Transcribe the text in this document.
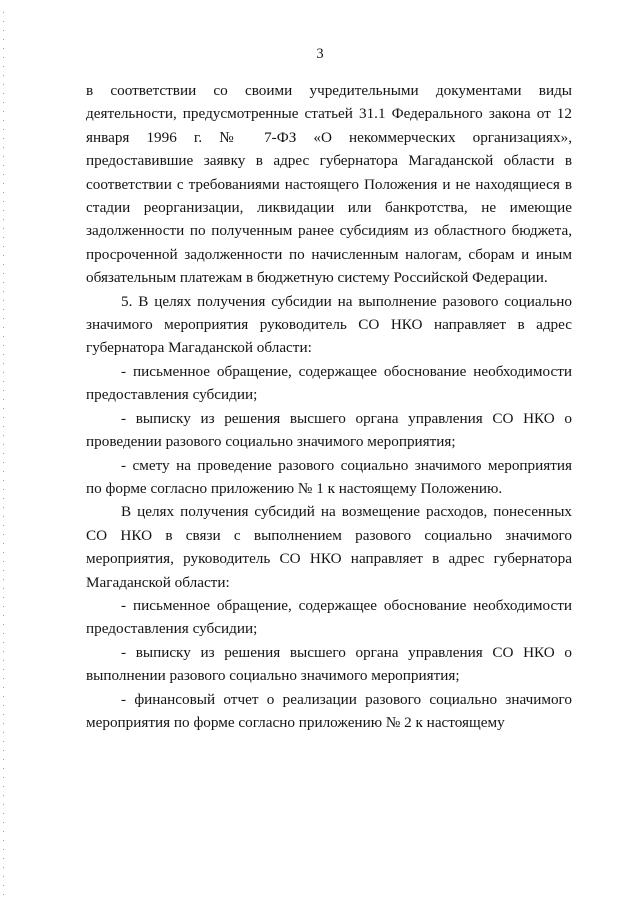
3

в соответствии со своими учредительными документами виды деятельности, предусмотренные статьей 31.1 Федерального закона от 12 января 1996 г. № 7-ФЗ «О некоммерческих организациях», предоставившие заявку в адрес губернатора Магаданской области в соответствии с требованиями настоящего Положения и не находящиеся в стадии реорганизации, ликвидации или банкротства, не имеющие задолженности по полученным ранее субсидиям из областного бюджета, просроченной задолженности по начисленным налогам, сборам и иным обязательным платежам в бюджетную систему Российской Федерации.

5. В целях получения субсидии на выполнение разового социально значимого мероприятия руководитель СО НКО направляет в адрес губернатора Магаданской области:

- письменное обращение, содержащее обоснование необходимости предоставления субсидии;

- выписку из решения высшего органа управления СО НКО о проведении разового социально значимого мероприятия;

- смету на проведение разового социально значимого мероприятия по форме согласно приложению № 1 к настоящему Положению.

В целях получения субсидий на возмещение расходов, понесенных СО НКО в связи с выполнением разового социально значимого мероприятия, руководитель СО НКО направляет в адрес губернатора Магаданской области:

- письменное обращение, содержащее обоснование необходимости предоставления субсидии;

- выписку из решения высшего органа управления СО НКО о выполнении разового социально значимого мероприятия;

- финансовый отчет о реализации разового социально значимого мероприятия по форме согласно приложению № 2 к настоящему
